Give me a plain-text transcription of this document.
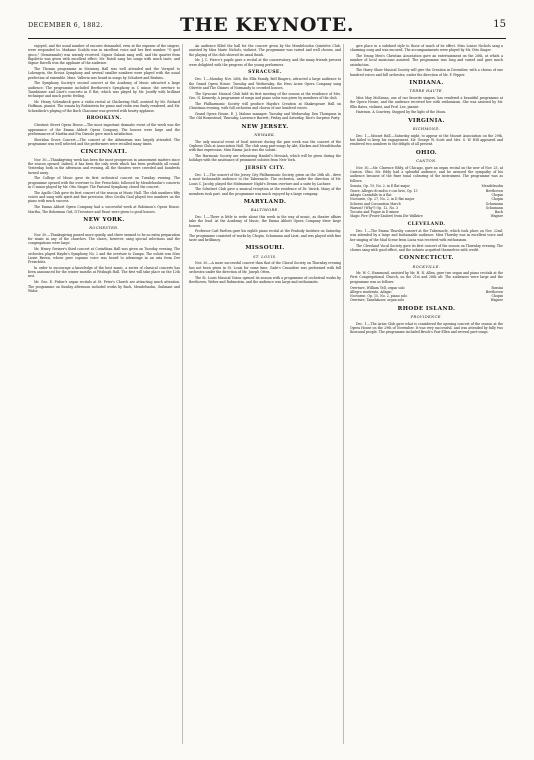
DECEMBER 6, 1882.	THE KEYNOTE.	15

enjoyed, and the usual number of encores demanded, even at the expense of the singers, were responded to. Madame Scalchi was in excellent voice and her first number "O quel gioco," (Semiramide) was warmly received. Signor Galassi sang well, and the quartet from Rigoletto was given with excellent effect. Mr. Rotoli sang his songs with much taste, and Signor Ravelli won the applause of the audience.

The Thomas programme in Steinway Hall was well attended and the Vorspiel to Lohengrin, the Eroica Symphony and several smaller numbers were played with the usual perfection of ensemble. Mme. Valleria was heard in songs by Schubert and Brahms.

The Symphony Society's second concert at the Academy of Music attracted a large audience. The programme included Beethoven's Symphony in C minor, the overture to Tannhäuser and Liszt's concerto in E flat, which was played by Mr. Joseffy with brilliant technique and much poetic feeling.

Mr. Henry Schradieck gave a violin recital at Chickering Hall, assisted by Mr. Richard Hoffman, pianist. The sonata by Rubinstein for piano and violin was finely rendered, and Mr. Schradieck's playing of the Bach Chaconne was greeted with hearty applause.

BROOKLYN.

Chestnut Street Opera House.—The most important dramatic event of the week was the appearance of the Emma Abbott Opera Company. The houses were large and the performances of Martha and Fra Diavolo gave much satisfaction.

Sheridan Grove Concert.—The concert at the Athenæum was largely attended. The programme was well selected and the performers were recalled many times.

CINCINNATI.

Nov. 30.—Thanksgiving week has been the most prosperous in amusement matters since the season opened. Indeed, it has been the only week which has been profitable all round. Yesterday, both in the afternoon and evening, all the theatres were crowded and hundreds turned away.

The College of Music gave its first orchestral concert on Tuesday evening. The programme opened with the overture to Der Freischütz, followed by Mendelssohn's concerto in G minor played by Mr. Otto Singer. The Pastoral Symphony closed the concert.

The Apollo Club gave its first concert of the season at Music Hall. The club numbers fifty voices and sang with spirit and fine precision. Miss Cecilia Gaul played two numbers on the piano with much success.

The Emma Abbott Opera Company had a successful week at Robinson's Opera House. Martha, The Bohemian Girl, Il Trovatore and Faust were given to good houses.

NEW YORK.
ROCHESTER.

Nov. 30.—Thanksgiving passed more quietly, and there seemed to be no extra preparation for music in any of the churches. The choirs, however, sang special selections and the congregations were large.

Mr. Henry Greiner's third concert at Corinthian Hall was given on Tuesday evening. The orchestra played Haydn's Symphony No. 2 and the overture to Zampa. The soloist was Miss Lizzie Brown, whose pure soprano voice was heard to advantage in an aria from Der Freischütz.

In order to encourage a knowledge of the best music, a series of classical concerts has been announced for the winter months at Fitzhugh Hall. The first will take place on the 12th inst.

Mr. Geo. E. Fisher's organ recitals at St. Peter's Church are attracting much attention. The programme on Sunday afternoon included works by Bach, Mendelssohn, Guilmant and Widor.

An audience filled the hall for the concert given by the Mendelssohn Quintette Club, assisted by Miss Marie Nichols, violinist. The programme was varied and well chosen, and the playing of the club showed its usual finish.

Mr. J. C. Pierce's pupils gave a recital at the conservatory, and the many friends present were delighted with the progress of the young performers.

SYRACUSE.

Dec. 1.—Monday, Nov. 26th, the Ellis Family, Bell Ringers, attracted a large audience to the Grand Opera House. Tuesday and Wednesday, the Hess Acme Opera Company sang Olivette and The Chimes of Normandy to crowded houses.

The Syracuse Musical Club held its first meeting of the season at the residence of Mrs. Geo. N. Kennedy. A programme of songs and piano solos was given by members of the club.

The Philharmonic Society will produce Haydn's Creation at Shakespeare Hall on Christmas evening, with full orchestra and chorus of one hundred voices.

Grand Opera House, E. J. Malone manager. Tuesday and Wednesday, Den Thompson in The Old Homestead; Thursday, Lawrence Barrett; Friday and Saturday, Rice's Surprise Party.

NEW JERSEY.
NEWARK.

The only musical event of local interest during the past week was the concert of the Orpheus Club at Association Hall. The club sang part-songs by Abt, Kücken and Mendelssohn with fine expression. Miss Emma Juch was the soloist.

The Harmonic Society are rehearsing Handel's Messiah, which will be given during the holidays with the assistance of prominent soloists from New York.

JERSEY CITY.

Dec. 1.—The concert of the Jersey City Philharmonic Society, given on the 28th ult., drew a most fashionable audience to the Tabernacle. The orchestra, under the direction of Mr. Louis C. Jacoby, played the Midsummer Night's Dream overture and a suite by Lachner.

The Schubert Club gave a musical reception at the residence of Dr. Varick. Many of the members took part, and the programme was much enjoyed by a large company.

MARYLAND.
BALTIMORE.

Dec. 1.—There is little to write about this week in the way of music, as theatre affairs take the lead. At the Academy of Music, the Emma Abbott Opera Company drew large houses.

Professor Carl Faelten gave his eighth piano recital at the Peabody Institute on Saturday. The programme consisted of works by Chopin, Schumann and Liszt, and was played with fine taste and brilliancy.

MISSOURI.
ST. LOUIS.

Nov. 30.—A more successful concert than that of the Choral Society on Thursday evening has not been given in St. Louis for some time. Gade's Crusaders was performed with full orchestra under the direction of Mr. Joseph Otten.

The St. Louis Musical Union opened its season with a programme of orchestral works by Beethoven, Weber and Rubinstein, and the audience was large and enthusiastic.

give place in a subdued style to those of much of its effect. Miss Louise Nichols sang a charming song and was encored. The accompaniments were played by Mr. Otto Singer.

The Young Men's Christian Association gave an entertainment on the 26th, at which a number of local musicians assisted. The programme was long and varied and gave much satisfaction.

The Harry Shaw Musical Society will give the Creation in December, with a chorus of one hundred voices and full orchestra, under the direction of Mr. F. Pepper.

INDIANA.
TERRE HAUTE.

Miss May McKenna, one of our favorite singers, has rendered a beautiful programme at the Opera House, and the audience received her with enthusiasm. She was assisted by Mr. Ellis Bates, violinist, and Prof. Lee, pianist.

Harrison. A Courtesy. Stopped by the light of the Moon.

VIRGINIA.
RICHMOND.

Dec. 1.—Mozart Hall.—Saturday night, to appear at the Mozart Association on the 29th, but failed to keep his engagement. Mr. George W. Scott and Mrs. S. W. Hill appeared and rendered two numbers to the delight of all present.

OHIO.
CANTON.

Nov. 30.—Mr. Clarence Eddy, of Chicago, gave an organ recital on the new of Nov. 25, at Canton, Ohio. Mr. Eddy had a splendid audience, and he aroused the sympathy of his audience because of the finer tonal colouring of the instrument. The programme was as follows:

Sonata, Op. 19, No. 2, in E flat major	Mendelssohn
Grave, Allegro di molto e con brio, Op. 13	Beethoven
Adagio Cantabile in A flat	Chopin
Nocturne, Op. 27, No. 2, in D flat major	Chopin
Scherzo and Coronation March	Schumann
Warum? (Why?) Op. 12, No. 3	Schumann
Toccata and Fugue in D minor	Bach
Magic Fire (Feuer-Zauber) from Die Walküre	Wagner
CLEVELAND.

Dec. 1.—The Emma Thursby concert at the Tabernacle, which took place on Nov. 22nd, was attended by a large and fashionable audience. Miss Thursby was in excellent voice and her singing of the Mad Scene from Lucia was received with enthusiasm.

The Cleveland Vocal Society gave its first concert of the season on Thursday evening. The chorus sang with good effect, and the soloists acquitted themselves with credit.

CONNECTICUT.
ROCKVILLE.

Mr. W. C. Hammond, assisted by Mr. H. N. Allen, gave two organ and piano recitals at the First Congregational Church, on the 21st and 28th ult. The audiences were large and the programme was as follows:

Overture, William Tell, organ solo	Rossini
Allegro moderato, Adagio	Beethoven
Nocturne, Op. 15, No. 2, piano solo	Chopin
Overture, Tannhäuser, organ solo	Wagner
RHODE ISLAND.
PROVIDENCE.

Dec. 1.—The Arion Club gave what is considered the opening concert of the season at the Opera House on the 29th of November. It was very successful, and was attended by fully two thousand people. The programme included Bruch's Fair Ellen and several part-songs.
